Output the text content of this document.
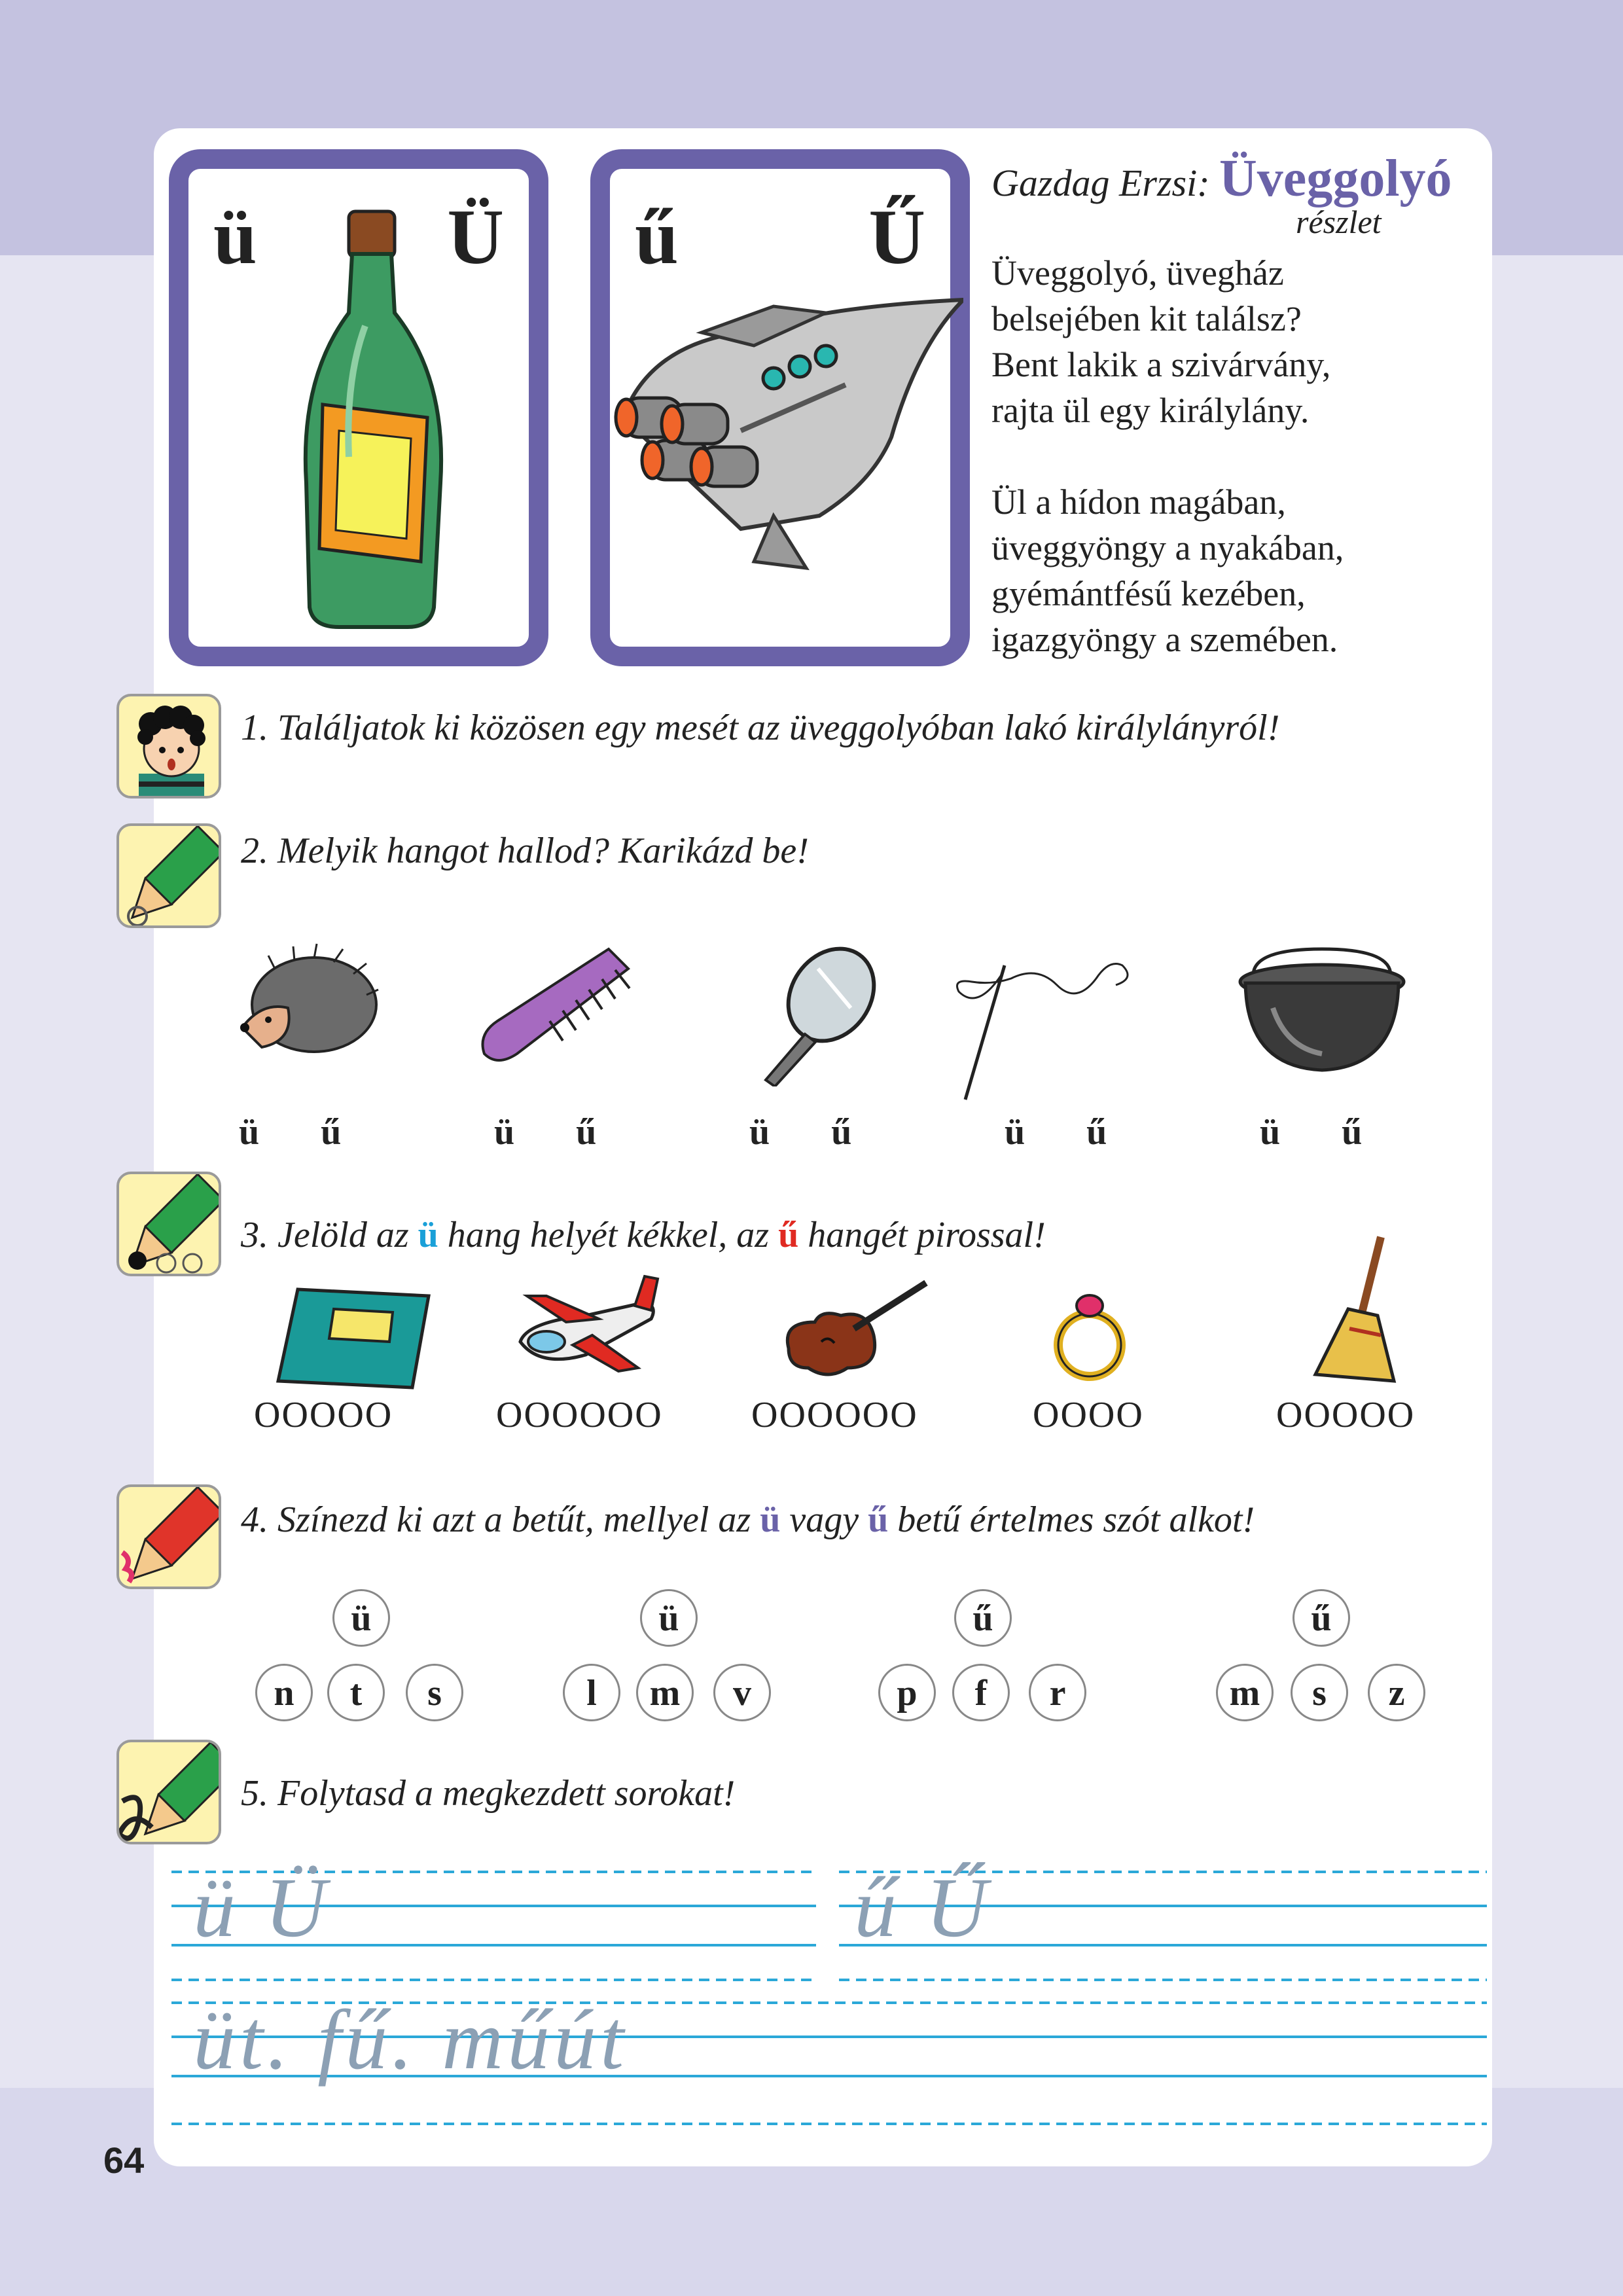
64
ü Ü ű Ű
Gazdag Erzsi: Üveggolyó
részlet
Üveggolyó, üvegház
belsejében kit találsz?
Bent lakik a szivárvány,
rajta ül egy királylány.
Ül a hídon magában,
üveggyöngy a nyakában,
gyémántfésű kezében,
igazgyöngy a szemében.
1. Találjatok ki közösen egy mesét az üveggolyóban lakó királylányról!
2. Melyik hangot hallod? Karikázd be!
ü ű	ü ű	ü ű	ü ű	ü ű
3. Jelöld az ü hang helyét kékkel, az ű hangét pirossal!
OOOOO	OOOOOO OOOOOO	OOOO	OOOOO
4. Színezd ki azt a betűt, mellyel az ü vagy ű betű értelmes szót alkot!
ü
n	t	s
ü
l	m	v
ű
p	f	r
ű
m	s	z
5. Folytasd a megkezdett sorokat!
ü Ü	ű Ű
üt. fű. műút
